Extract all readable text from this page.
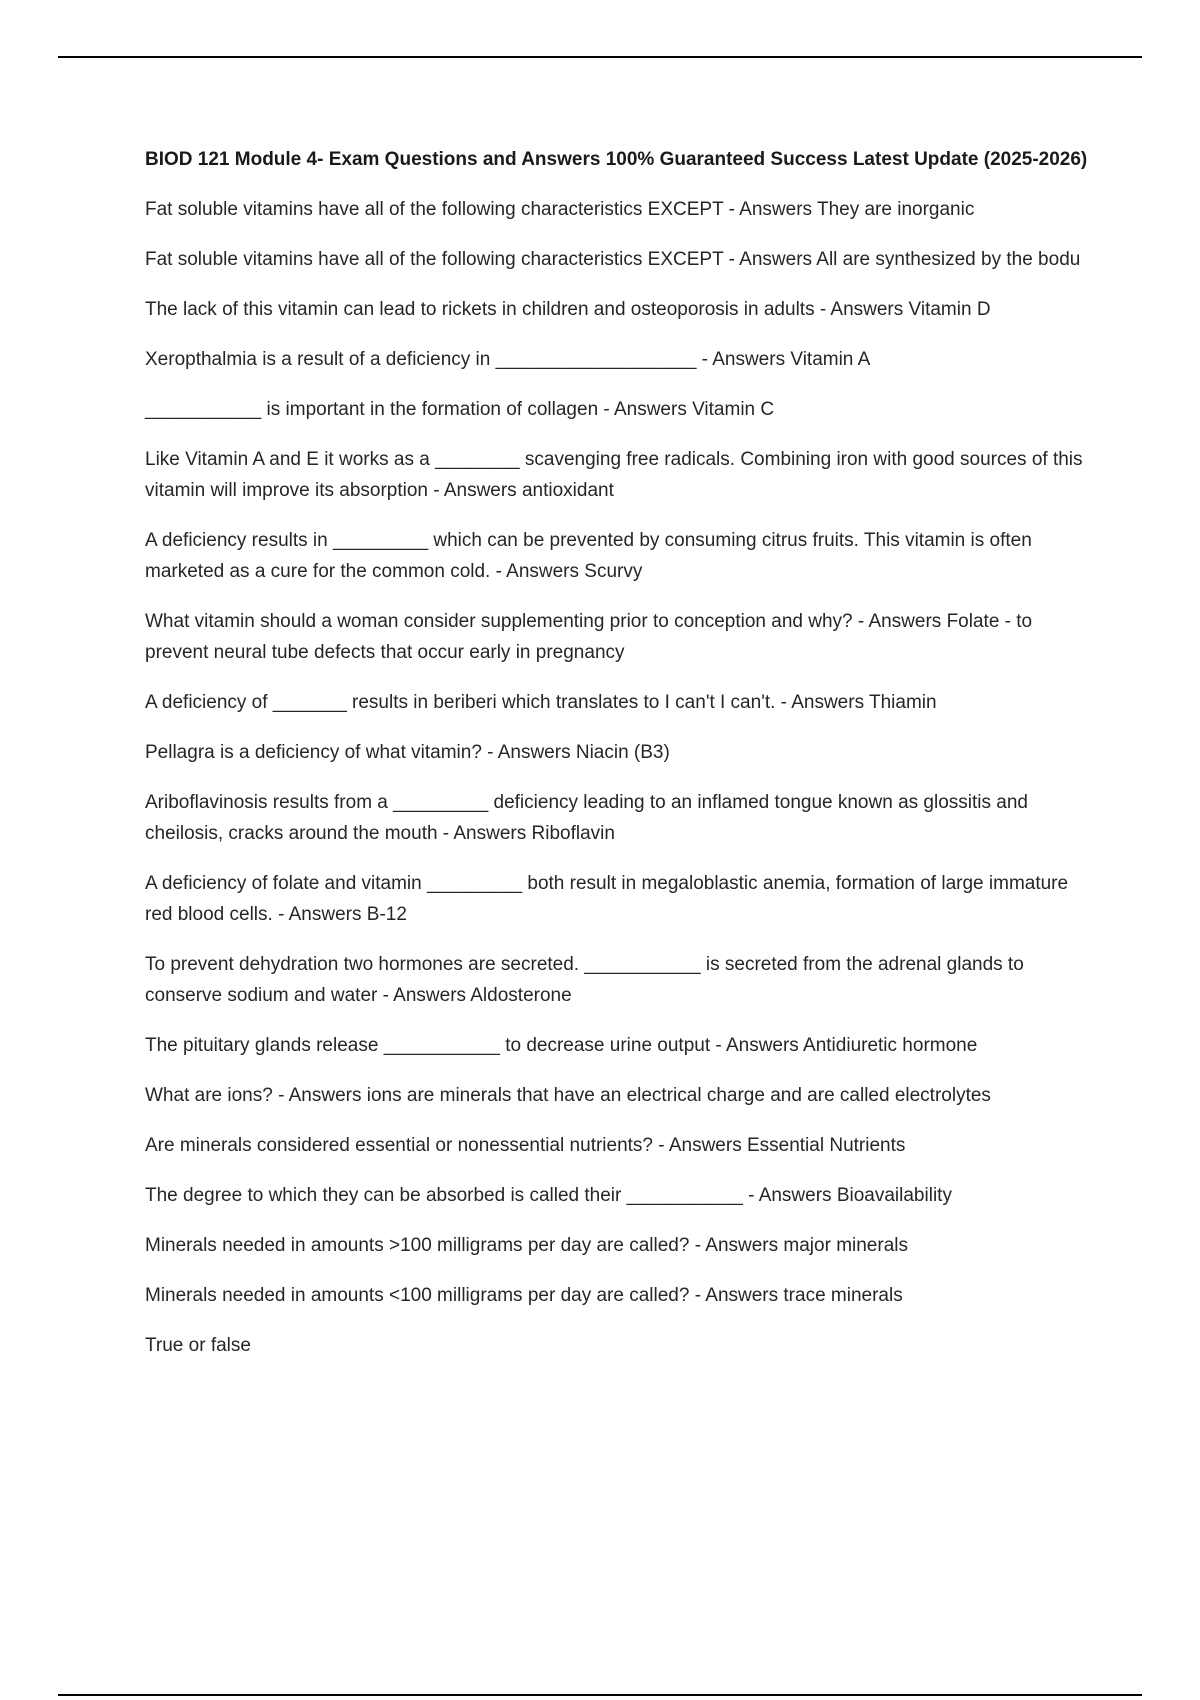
BIOD 121 Module 4- Exam Questions and Answers 100% Guaranteed Success Latest Update (2025-2026)

Fat soluble vitamins have all of the following characteristics EXCEPT - Answers They are inorganic

Fat soluble vitamins have all of the following characteristics EXCEPT - Answers All are synthesized by the bodu

The lack of this vitamin can lead to rickets in children and osteoporosis in adults - Answers Vitamin D

Xeropthalmia is a result of a deficiency in ___________________ - Answers Vitamin A

___________ is important in the formation of collagen - Answers Vitamin C

Like Vitamin A and E it works as a ________ scavenging free radicals. Combining iron with good sources of this vitamin will improve its absorption - Answers antioxidant

A deficiency results in _________ which can be prevented by consuming citrus fruits. This vitamin is often marketed as a cure for the common cold. - Answers Scurvy

What vitamin should a woman consider supplementing prior to conception and why? - Answers Folate - to prevent neural tube defects that occur early in pregnancy

A deficiency of _______ results in beriberi which translates to I can't I can't. - Answers Thiamin

Pellagra is a deficiency of what vitamin? - Answers Niacin (B3)

Ariboflavinosis results from a _________ deficiency leading to an inflamed tongue known as glossitis and cheilosis, cracks around the mouth - Answers Riboflavin

A deficiency of folate and vitamin _________ both result in megaloblastic anemia, formation of large immature red blood cells. - Answers B-12

To prevent dehydration two hormones are secreted. ___________ is secreted from the adrenal glands to conserve sodium and water - Answers Aldosterone

The pituitary glands release ___________ to decrease urine output - Answers Antidiuretic hormone

What are ions? - Answers ions are minerals that have an electrical charge and are called electrolytes

Are minerals considered essential or nonessential nutrients? - Answers Essential Nutrients

The degree to which they can be absorbed is called their ___________ - Answers Bioavailability

Minerals needed in amounts >100 milligrams per day are called? - Answers major minerals

Minerals needed in amounts <100 milligrams per day are called? - Answers trace minerals

True or false
